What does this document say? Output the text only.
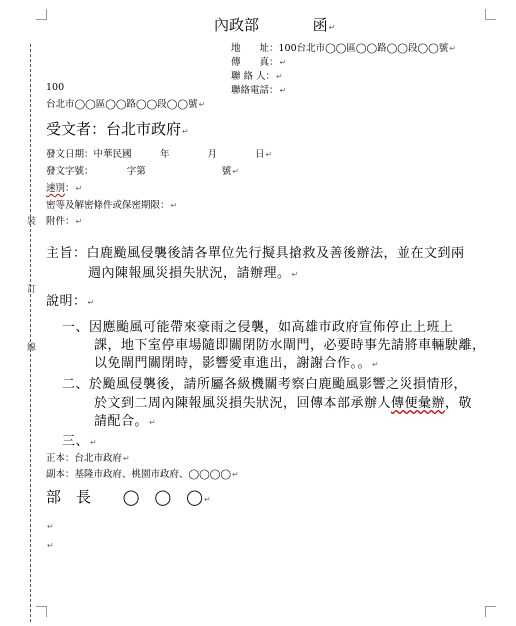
裝
訂
線
內政部	函↵
地　　址：100台北市◯◯區◯◯路◯◯段◯◯號↵
傳　　真：↵
聯 絡 人：↵
聯絡電話：↵
100
台北市◯◯區◯◯路◯◯段◯◯號↵
受文者：台北市政府↵
發文日期：中華民國　　　年　　　　月　　　　日↵
發文字號：　　　　字第　　　　　　　　號↵
速別：↵
密等及解密條件或保密期限：↵
附件：↵
主旨：白鹿颱風侵襲後請各單位先行擬具搶救及善後辦法，並在文到兩
週內陳報風災損失狀況，請辦理。↵
說明：↵
一、因應颱風可能帶來豪雨之侵襲，如高雄市政府宣佈停止上班上
課，地下室停車場隨即關閉防水閘門，必要時事先請將車輛駛離，
以免閘門關閉時，影響愛車進出，謝謝合作。。↵
二、於颱風侵襲後，請所屬各級機關考察白鹿颱風影響之災損情形，
於文到二周內陳報風災損失狀況，回傳本部承辦人傳便彙辦，敬
請配合。↵
三、↵
正本：台北市政府↵
副本：基隆市政府、桃園市政府、◯◯◯◯↵
部　長 ◯　◯　◯↵
↵
↵
